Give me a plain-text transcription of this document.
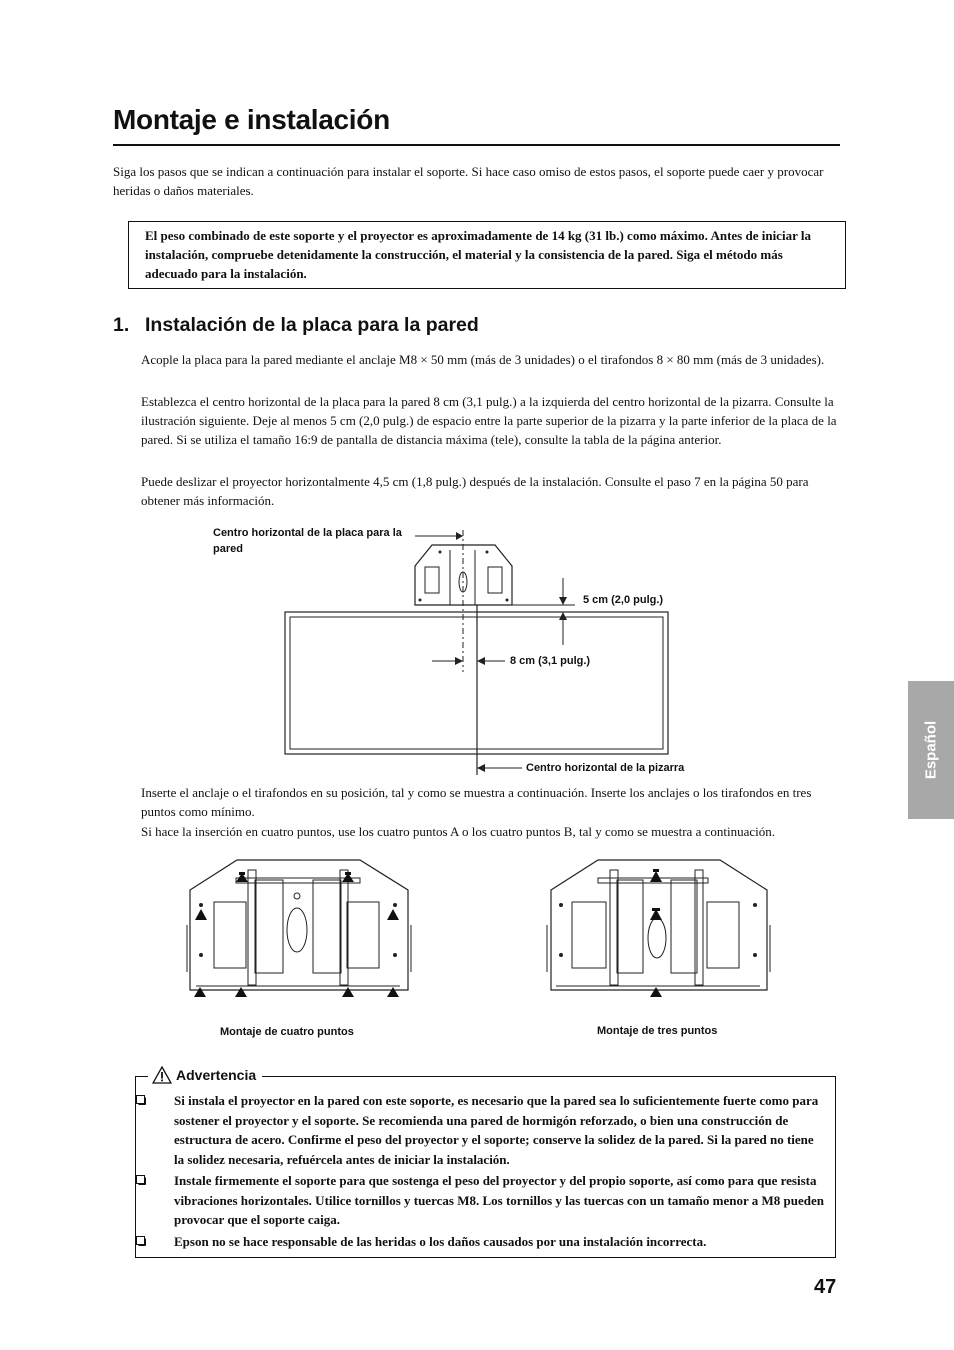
Montaje e instalación

Siga los pasos que se indican a continuación para instalar el soporte. Si hace caso omiso de estos pasos, el soporte puede caer y provocar heridas o daños materiales.

El peso combinado de este soporte y el proyector es aproximadamente de 14 kg (31 lb.) como máximo. Antes de iniciar la instalación, compruebe detenidamente la construcción, el material y la consistencia de la pared. Siga el método más adecuado para la instalación.
1. Instalación de la placa para la pared

Acople la placa para la pared mediante el anclaje M8 × 50 mm (más de 3 unidades) o el tirafondos 8 × 80 mm (más de 3 unidades).

Establezca el centro horizontal de la placa para la pared 8 cm (3,1 pulg.) a la izquierda del centro horizontal de la pizarra. Consulte la ilustración siguiente. Deje al menos 5 cm (2,0 pulg.) de espacio entre la parte superior de la pizarra y la parte inferior de la placa de la pared. Si se utiliza el tamaño 16:9 de pantalla de distancia máxima (tele), consulte la tabla de la página anterior.

Puede deslizar el proyector horizontalmente 4,5 cm (1,8 pulg.) después de la instalación. Consulte el paso 7 en la página 50 para obtener más información.

Centro horizontal de la placa para la pared
5 cm (2,0 pulg.)
8 cm (3,1 pulg.)
Centro horizontal de la pizarra

Inserte el anclaje o el tirafondos en su posición, tal y como se muestra a continuación. Inserte los anclajes o los tirafondos en tres puntos como mínimo.

Si hace la inserción en cuatro puntos, use los cuatro puntos A o los cuatro puntos B, tal y como se muestra a continuación.

Montaje de cuatro puntos	Montaje de tres puntos
Si instala el proyector en la pared con este soporte, es necesario que la pared sea lo suficientemente fuerte como para sostener el proyector y el soporte. Se recomienda una pared de hormigón reforzado, o bien una construcción de estructura de acero. Confirme el peso del proyector y el soporte; conserve la solidez de la pared. Si la pared no tiene la solidez necesaria, refuércela antes de iniciar la instalación.
Instale firmemente el soporte para que sostenga el peso del proyector y del propio soporte, así como para que resista vibraciones horizontales. Utilice tornillos y tuercas M8. Los tornillos y las tuercas con un tamaño menor a M8 pueden provocar que el soporte caiga.
Epson no se hace responsable de las heridas o los daños causados por una instalación incorrecta.
Advertencia
Español
47
